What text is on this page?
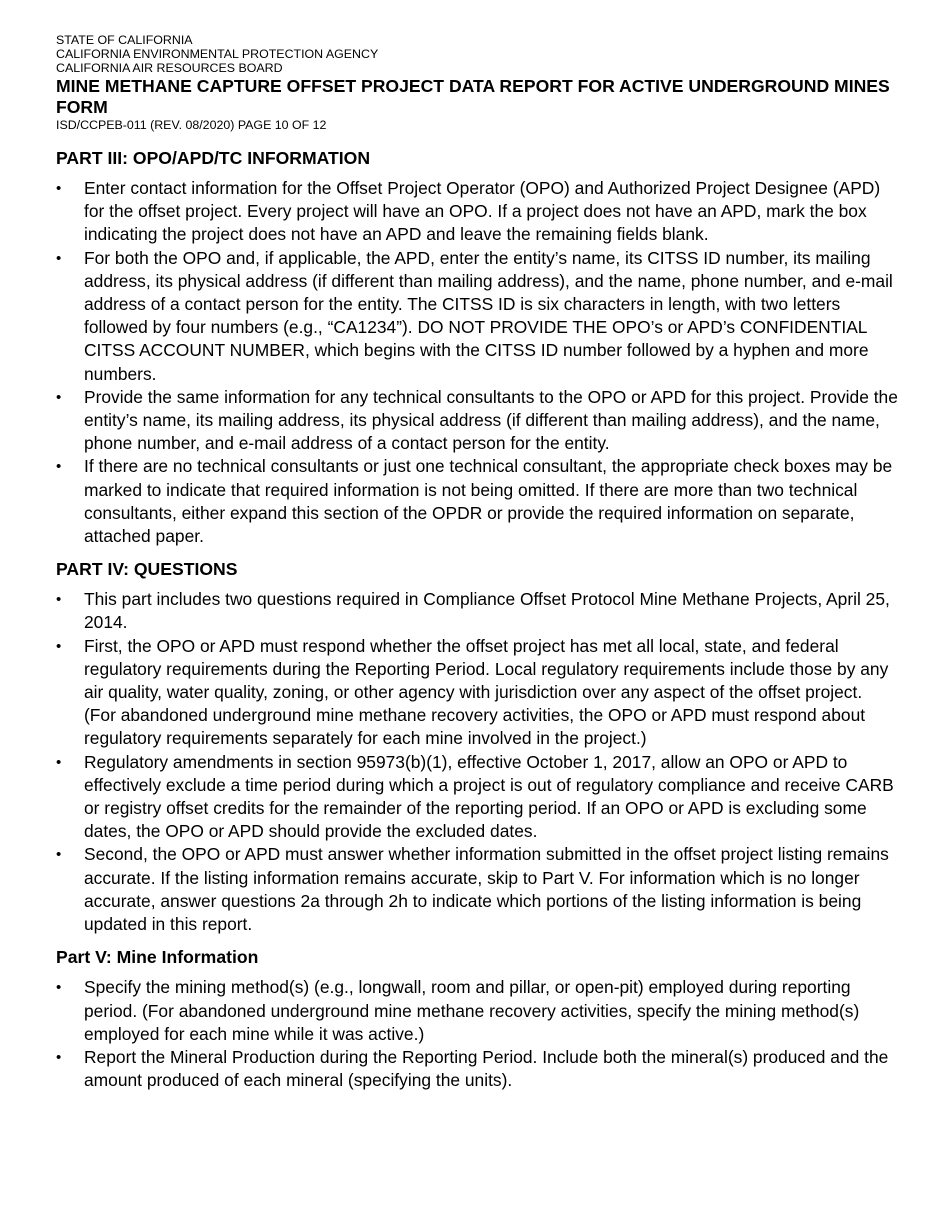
STATE OF CALIFORNIA

CALIFORNIA ENVIRONMENTAL PROTECTION AGENCY

CALIFORNIA AIR RESOURCES BOARD

MINE METHANE CAPTURE OFFSET PROJECT DATA REPORT FOR ACTIVE UNDERGROUND MINES FORM

ISD/CCPEB-011 (REV. 08/2020) PAGE 10 OF 12

PART III: OPO/APD/TC INFORMATION
• Enter contact information for the Offset Project Operator (OPO) and Authorized Project Designee (APD) for the offset project. Every project will have an OPO. If a project does not have an APD, mark the box indicating the project does not have an APD and leave the remaining fields blank.
• For both the OPO and, if applicable, the APD, enter the entity’s name, its CITSS ID number, its mailing address, its physical address (if different than mailing address), and the name, phone number, and e-mail address of a contact person for the entity. The CITSS ID is six characters in length, with two letters followed by four numbers (e.g., “CA1234”). DO NOT PROVIDE THE OPO’s or APD’s CONFIDENTIAL CITSS ACCOUNT NUMBER, which begins with the CITSS ID number followed by a hyphen and more numbers.
• Provide the same information for any technical consultants to the OPO or APD for this project. Provide the entity’s name, its mailing address, its physical address (if different than mailing address), and the name, phone number, and e-mail address of a contact person for the entity.
• If there are no technical consultants or just one technical consultant, the appropriate check boxes may be marked to indicate that required information is not being omitted. If there are more than two technical consultants, either expand this section of the OPDR or provide the required information on separate, attached paper.
PART IV: QUESTIONS
• This part includes two questions required in Compliance Offset Protocol Mine Methane Projects, April 25, 2014.
• First, the OPO or APD must respond whether the offset project has met all local, state, and federal regulatory requirements during the Reporting Period. Local regulatory requirements include those by any air quality, water quality, zoning, or other agency with jurisdiction over any aspect of the offset project. (For abandoned underground mine methane recovery activities, the OPO or APD must respond about regulatory requirements separately for each mine involved in the project.)
• Regulatory amendments in section 95973(b)(1), effective October 1, 2017, allow an OPO or APD to effectively exclude a time period during which a project is out of regulatory compliance and receive CARB or registry offset credits for the remainder of the reporting period. If an OPO or APD is excluding some dates, the OPO or APD should provide the excluded dates.
• Second, the OPO or APD must answer whether information submitted in the offset project listing remains accurate. If the listing information remains accurate, skip to Part V. For information which is no longer accurate, answer questions 2a through 2h to indicate which portions of the listing information is being updated in this report.
Part V: Mine Information
• Specify the mining method(s) (e.g., longwall, room and pillar, or open-pit) employed during reporting period. (For abandoned underground mine methane recovery activities, specify the mining method(s) employed for each mine while it was active.)
• Report the Mineral Production during the Reporting Period. Include both the mineral(s) produced and the amount produced of each mineral (specifying the units).
